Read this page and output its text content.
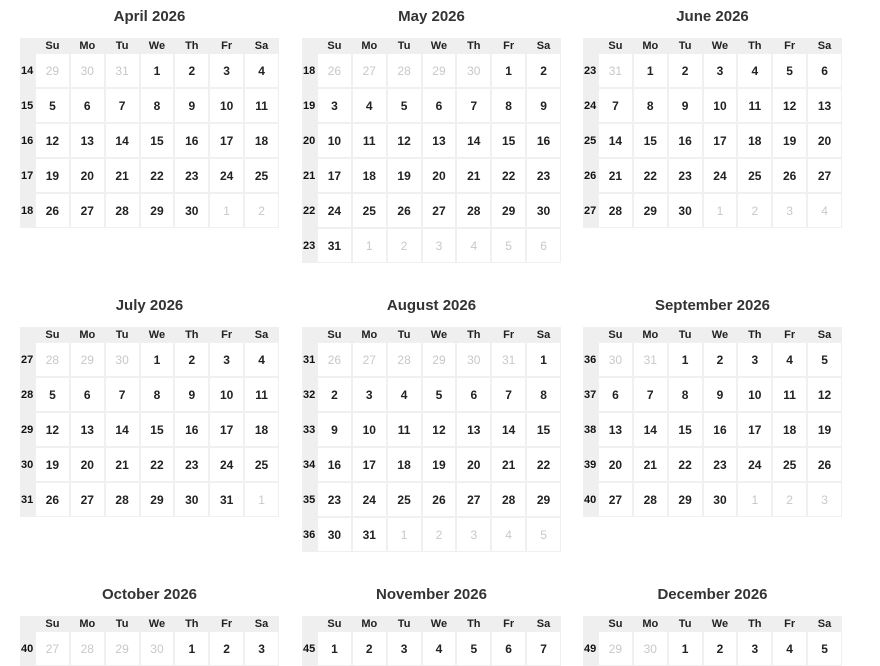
April 2026
	Su	Mo	Tu	We	Th	Fr	Sa
14	29	30	31	1	2	3	4
15	5	6	7	8	9	10	11
16	12	13	14	15	16	17	18
17	19	20	21	22	23	24	25
18	26	27	28	29	30	1	2
May 2026
	Su	Mo	Tu	We	Th	Fr	Sa
18	26	27	28	29	30	1	2
19	3	4	5	6	7	8	9
20	10	11	12	13	14	15	16
21	17	18	19	20	21	22	23
22	24	25	26	27	28	29	30
23	31	1	2	3	4	5	6
June 2026
	Su	Mo	Tu	We	Th	Fr	Sa
23	31	1	2	3	4	5	6
24	7	8	9	10	11	12	13
25	14	15	16	17	18	19	20
26	21	22	23	24	25	26	27
27	28	29	30	1	2	3	4
July 2026
	Su	Mo	Tu	We	Th	Fr	Sa
27	28	29	30	1	2	3	4
28	5	6	7	8	9	10	11
29	12	13	14	15	16	17	18
30	19	20	21	22	23	24	25
31	26	27	28	29	30	31	1
August 2026
	Su	Mo	Tu	We	Th	Fr	Sa
31	26	27	28	29	30	31	1
32	2	3	4	5	6	7	8
33	9	10	11	12	13	14	15
34	16	17	18	19	20	21	22
35	23	24	25	26	27	28	29
36	30	31	1	2	3	4	5
September 2026
	Su	Mo	Tu	We	Th	Fr	Sa
36	30	31	1	2	3	4	5
37	6	7	8	9	10	11	12
38	13	14	15	16	17	18	19
39	20	21	22	23	24	25	26
40	27	28	29	30	1	2	3
October 2026
	Su	Mo	Tu	We	Th	Fr	Sa
40	27	28	29	30	1	2	3
November 2026
	Su	Mo	Tu	We	Th	Fr	Sa
45	1	2	3	4	5	6	7
December 2026
	Su	Mo	Tu	We	Th	Fr	Sa
49	29	30	1	2	3	4	5
